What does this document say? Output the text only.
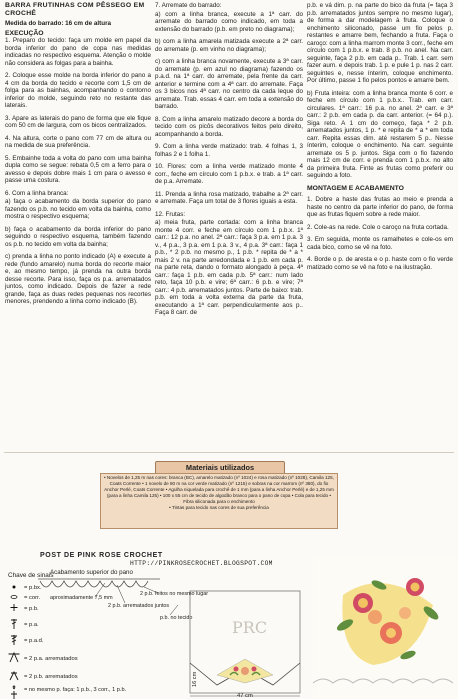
BARRA FRUTINHAS COM PÊSSEGO EM CROCHÊ
Medida do barrado: 16 cm de altura
EXECUÇÃO

1. Preparo do tecido: faça um molde em papel da borda inferior do pano de copa nas medidas indicadas no respectivo esquema. Atenção o molde não considera as folgas para a bainha.

2. Coloque esse molde na borda inferior do pano a 4 cm da borda do tecido e recorte com 1,5 cm de folga para as bainhas, acompanhando o contorno inferior do molde, seguindo reto no restante das laterais.

3. Apare as laterais do pano de forma que ele fique com 50 cm de largura, com os bicos centralizados.

4. Na altura, corte o pano com 77 cm de altura ou na medida de sua preferência.

5. Embainhe toda a volta do pano com uma bainha dupla como se segue: rebata 0,5 cm a ferro para o avesso e depois dobre mais 1 cm para o avesso e passe uma costura.

6. Com a linha branca:

a) faça o acabamento da borda superior do pano fazendo os p.b. no tecido em volta da bainha, como mostra o respectivo esquema;

b) faça o acabamento da borda inferior do pano seguindo o respectivo esquema, também fazendo os p.b. no tecido em volta da bainha;

c) prenda a linha no ponto indicado (A) e execute a rede (fundo amarelo) numa borda do recorte maior e, ao mesmo tempo, já prenda na outra borda desse recorte. Para isso, faça os p.a. arrematados juntos, como indicado. Depois de fazer a rede grande, faça as duas redes pequenas nos recortes menores, prendendo a linha como indicado (B).

7. Arremate do barrado:

a) com a linha branca, execute a 1ª carr. do arremate do barrado como indicado, em toda a extensão do barrado (p.b. em preto no diagrama);

b) com a linha amarela matizada execute a 2ª carr. do arremate (p. em vinho no diagrama);

c) com a linha branca novamente, execute a 3ª carr. do arremate (p. em azul no diagrama) fazendo os p.a.d. na 1ª carr. do arremate, pela frente da carr. anterior e termine com a 4ª carr. do arremate. Faça os 3 bicos nos 4ª carr. no centro da cada leque do arremate. Trab. essas 4 carr. em toda a extensão do barrado.

8. Com a linha amarelo matizado decore a borda do tecido com os picôs decorativos feitos pelo direito, acompanhando a borda.

9. Com a linha verde matizado: trab. 4 folhas 1, 3 folhas 2 e 1 folha 1.

10. Flores: com a linha verde matizado monte 4 corr., feche em círculo com 1 p.b.x. e trab. a 1ª carr. de p.a. Arremate.

11. Prenda a linha rosa matizado, trabalhe a 2ª carr. e arremate. Faça um total de 3 flores iguais a esta.

12. Frutas:

a) meia fruta, parte cortada: com a linha branca monte 4 corr. e feche em círculo com 1 p.b.x. 1ª carr.: 12 p.a. no anel. 2ª carr.: faça 3 p.a. em 1 p.a. 3 v., 4 p.a., 3 p.a. em 1 p.a. 3 v., 4 p.a. 3ª carr.: faça 1 p.b., * 2 p.b. no mesmo p., 1 p.b. * repita de * a * mais 2 v. na parte arredondada e 1 p.b. em cada p. na parte reta, dando o formato alongado à peça. 4ª carr.: faça 1 p.b. em cada p.b. 5ª carr.: num lado reto, faça 10 p.b. e vire; 6ª carr.: 6 p.b. e vire; 7ª carr.: 4 p.b. arrematados juntos. Parte de baixo: trab. p.b. em toda a volta externa da parte da fruta, executando a 1ª carr. perpendicularmente aos p.. Faça 8 carr. de

p.b. e vá dim. p. na parte do bico da fruta (= faça 3 p.b. arrematados juntos sempre no mesmo lugar), de forma a dar modelagem à fruta. Coloque o enchimento siliconado, passe um fio pelos p. restantes e amarre bem, fechando a fruta. Faça o caroço: com a linha marrom monte 3 corr., feche em círculo com 1 p.b.x. e trab. 8 p.b. no anel. Na carr. seguinte, faça 2 p.b. em cada p.. Trab. 1 carr. sem fazer aum. e depois trab. 1 p. e pule 1 p. nas 2 carr. seguintes e, nesse ínterim, coloque enchimento. Por último, passe 1 fio pelos pontos e amarre bem.

b) Fruta inteira: com a linha branca monte 6 corr. e feche em círculo com 1 p.b.x.. Trab. em carr. circulares. 1ª carr.: 16 p.a. no anel. 2ª carr. e 3ª carr.: 2 p.b. em cada p. da carr. anterior. (= 64 p.). Siga reto. A 1 cm do começo, faça * 2 p.b. arrematados juntos, 1 p. * e repita de * a * em toda carr. Repita essas dim. até restarem 5 p.. Nesse ínterim, coloque o enchimento. Na carr. seguinte arremate os 5 p. juntos. Siga com o fio fazendo mais 12 cm de corr. e prenda com 1 p.b.x. no alto da primeira fruta. Finte as frutas como preferir ou seguindo a foto.

MONTAGEM E ACABAMENTO

1. Dobre a haste das frutas ao meio e prenda a haste no centro da parte inferior do pano, de forma que as frutas fiquem sobre a rede maior.

2. Cole-as na rede. Cole o caroço na fruta cortada.

3. Em seguida, monte os ramalhetes e cole-os em cada bico, como se vê na foto.

4. Borde o p. de aresta e o p. haste com o fio verde matizado como se vê na foto e na ilustração.

Materiais utilizados
• Novelos de 1,25 m nas cores: branca (BC), amarelo matizado (nº 1024) e rosa matizado (nº 1028), Camila 125, Coats Corrente • 1 novelo de 80 m na cor verde matizado (nº 1215) e sobras na cor marrom (nº 380), do fio Anchor Perlé, Coats Corrente • Agulha niquelada para crochê de 1 mm (para a linha Anchor Perlé) e de 1,25 mm (para a linha Camila 125) • 100 x 55 cm de tecido de algodão branco para o pano de copa • Cola para tecido • Fibra siliconada para o enchimento
• Tintas para tecido nas cores de sua preferência
POST DE PINK ROSE CROCHET
HTTP://PINKROSECROCHET.BLOGSPOT.COM
Chave de sinais
Acabamento superior do pano
= p.bx.
= corr.
= p.b.
= p.a.
= p.a.d.
= 2 p.a. arrematados
= 2 p.b. arrematados
= no mesmo p. faça: 1 p.b., 3 corr., 1 p.b.
aproximadamente 7,5 mm
2 p.b. arrematados juntos
2 p.b. feitos no mesmo lugar
p.b. no tecido PRC
16 cm
47 cm
